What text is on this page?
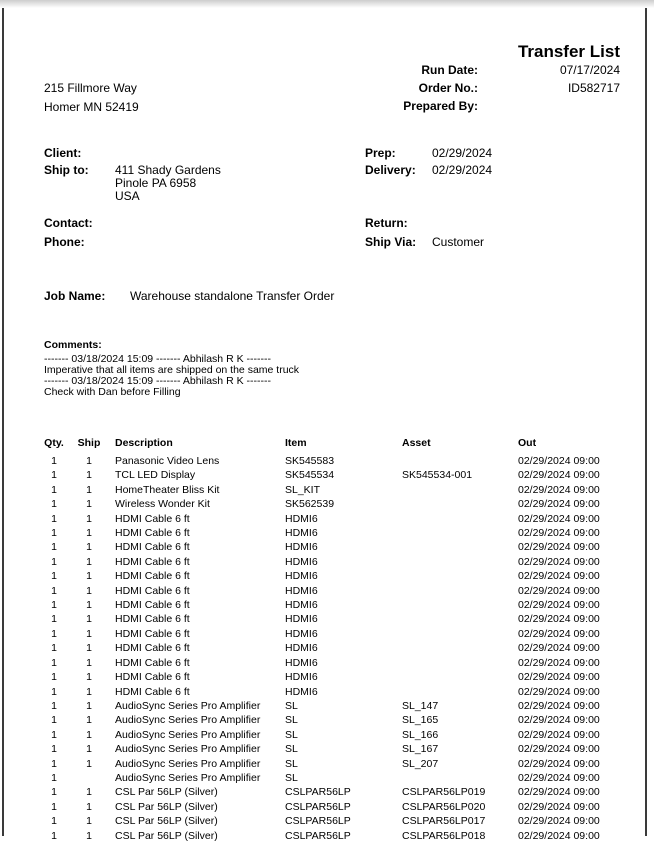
Transfer List
Run Date:	07/17/2024
Order No.:	ID582717
Prepared By:
215 Fillmore Way
Homer MN 52419
Client:
Ship to: 411 Shady Gardens
Pinole PA 6958
USA
Contact:
Phone:
Prep:	02/29/2024
Delivery: 02/29/2024
Return:
Ship Via: Customer
Job Name: Warehouse standalone Transfer Order
Comments:
------- 03/18/2024 15:09 ------- Abhilash R K -------
Imperative that all items are shipped on the same truck
------- 03/18/2024 15:09 ------- Abhilash R K -------
Check with Dan before Filling
Qty.	Ship	Description	Item	Asset	Out
1	1	Panasonic Video Lens	SK545583		02/29/2024 09:00
1	1	TCL LED Display	SK545534	SK545534-001	02/29/2024 09:00
1	1	HomeTheater Bliss Kit	SL_KIT		02/29/2024 09:00
1	1	Wireless Wonder Kit	SK562539		02/29/2024 09:00
1	1	HDMI Cable 6 ft	HDMI6		02/29/2024 09:00
1	1	HDMI Cable 6 ft	HDMI6		02/29/2024 09:00
1	1	HDMI Cable 6 ft	HDMI6		02/29/2024 09:00
1	1	HDMI Cable 6 ft	HDMI6		02/29/2024 09:00
1	1	HDMI Cable 6 ft	HDMI6		02/29/2024 09:00
1	1	HDMI Cable 6 ft	HDMI6		02/29/2024 09:00
1	1	HDMI Cable 6 ft	HDMI6		02/29/2024 09:00
1	1	HDMI Cable 6 ft	HDMI6		02/29/2024 09:00
1	1	HDMI Cable 6 ft	HDMI6		02/29/2024 09:00
1	1	HDMI Cable 6 ft	HDMI6		02/29/2024 09:00
1	1	HDMI Cable 6 ft	HDMI6		02/29/2024 09:00
1	1	HDMI Cable 6 ft	HDMI6		02/29/2024 09:00
1	1	HDMI Cable 6 ft	HDMI6		02/29/2024 09:00
1	1	AudioSync Series Pro Amplifier	SL	SL_147	02/29/2024 09:00
1	1	AudioSync Series Pro Amplifier	SL	SL_165	02/29/2024 09:00
1	1	AudioSync Series Pro Amplifier	SL	SL_166	02/29/2024 09:00
1	1	AudioSync Series Pro Amplifier	SL	SL_167	02/29/2024 09:00
1	1	AudioSync Series Pro Amplifier	SL	SL_207	02/29/2024 09:00
1		AudioSync Series Pro Amplifier	SL		02/29/2024 09:00
1	1	CSL Par 56LP (Silver)	CSLPAR56LP	CSLPAR56LP019	02/29/2024 09:00
1	1	CSL Par 56LP (Silver)	CSLPAR56LP	CSLPAR56LP020	02/29/2024 09:00
1	1	CSL Par 56LP (Silver)	CSLPAR56LP	CSLPAR56LP017	02/29/2024 09:00
1	1	CSL Par 56LP (Silver)	CSLPAR56LP	CSLPAR56LP018	02/29/2024 09:00
